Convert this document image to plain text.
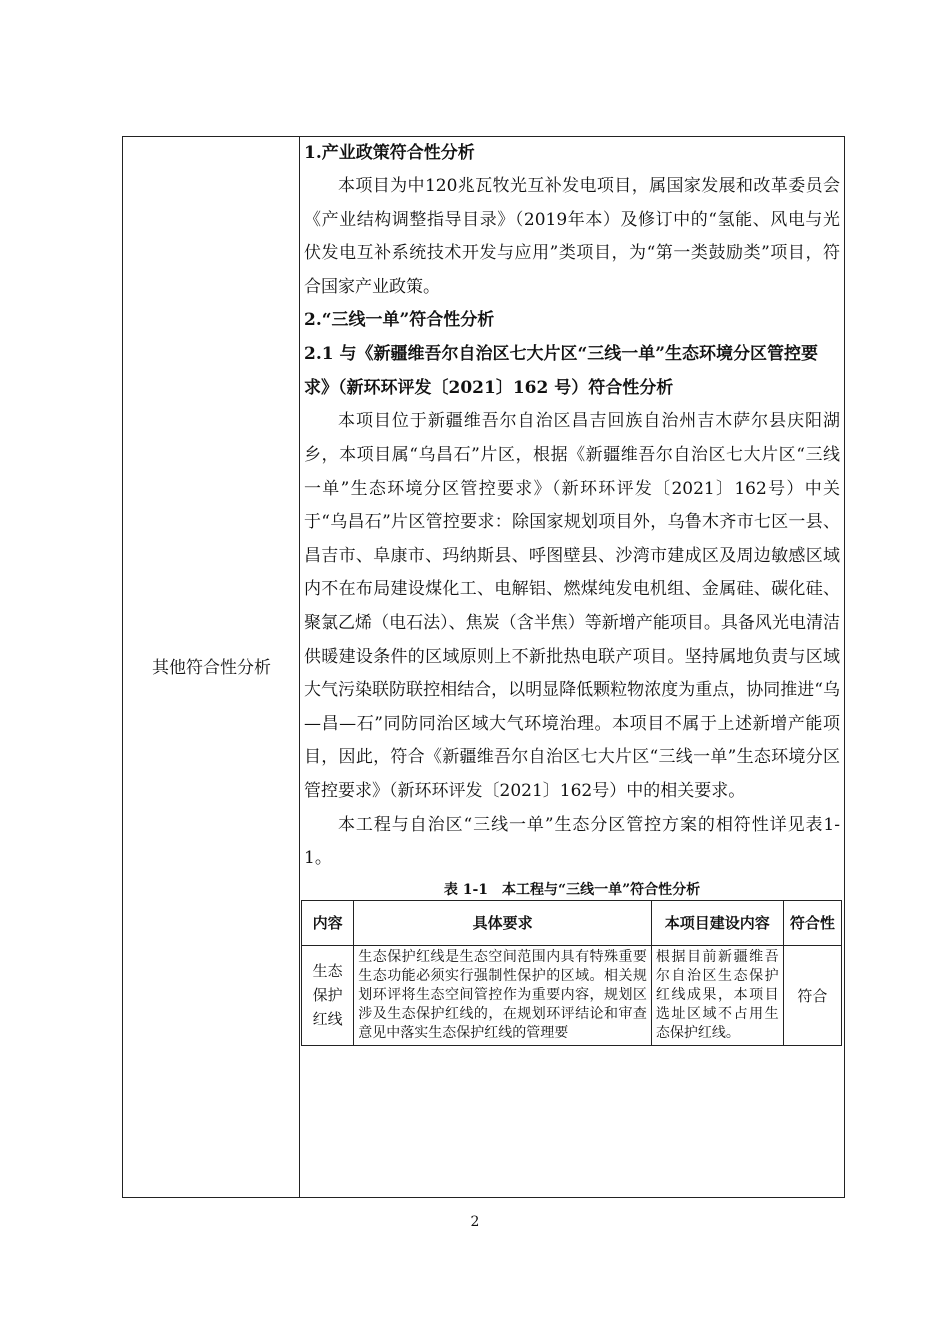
其他符合性分析

1.产业政策符合性分析

本项目为中120兆瓦牧光互补发电项目，属国家发展和改革委员会《产业结构调整指导目录》（2019年本）及修订中的“氢能、风电与光伏发电互补系统技术开发与应用”类项目，为“第一类鼓励类”项目，符合国家产业政策。

2.“三线一单”符合性分析

2.1 与《新疆维吾尔自治区七大片区“三线一单”生态环境分区管控要求》（新环环评发〔2021〕162 号）符合性分析

本项目位于新疆维吾尔自治区昌吉回族自治州吉木萨尔县庆阳湖乡，本项目属“乌昌石”片区，根据《新疆维吾尔自治区七大片区“三线一单”生态环境分区管控要求》（新环环评发〔2021〕162号）中关于“乌昌石”片区管控要求：除国家规划项目外，乌鲁木齐市七区一县、昌吉市、阜康市、玛纳斯县、呼图壁县、沙湾市建成区及周边敏感区域内不在布局建设煤化工、电解铝、燃煤纯发电机组、金属硅、碳化硅、聚氯乙烯（电石法）、焦炭（含半焦）等新增产能项目。具备风光电清洁供暖建设条件的区域原则上不新批热电联产项目。坚持属地负责与区域大气污染联防联控相结合，以明显降低颗粒物浓度为重点，协同推进“乌—昌—石”同防同治区域大气环境治理。本项目不属于上述新增产能项目，因此，符合《新疆维吾尔自治区七大片区“三线一单”生态环境分区管控要求》（新环环评发〔2021〕162号）中的相关要求。

本工程与自治区“三线一单”生态分区管控方案的相符性详见表1-1。

表 1-1　本工程与“三线一单”符合性分析
内容	具体要求	本项目建设内容	符合性
生态保护红线	生态保护红线是生态空间范围内具有特殊重要生态功能必须实行强制性保护的区域。相关规划环评将生态空间管控作为重要内容，规划区涉及生态保护红线的，在规划环评结论和审查意见中落实生态保护红线的管理要	根据目前新疆维吾尔自治区生态保护红线成果，本项目选址区域不占用生态保护红线。	符合
2
